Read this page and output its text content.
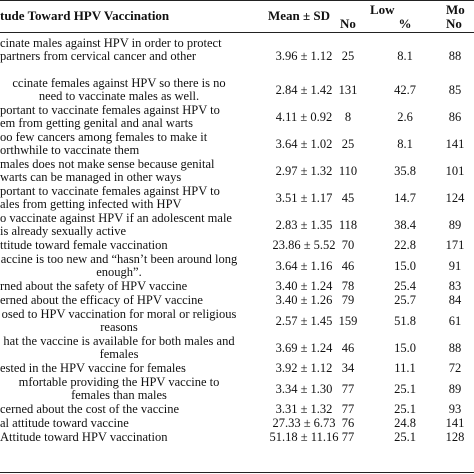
tude Toward HPV Vaccination	Mean ± SD	Low	Mo
No	%	No
cinate males against HPV in order to protect partners from cervical cancer and other	3.96 ± 1.12 25	8.1	88
ccinate females against HPV so there is no need to vaccinate males as well.	2.84 ± 1.42 131	42.7	85
portant to vaccinate females against HPV to em from getting genital and anal warts	4.11 ± 0.92	8	2.6	86
oo few cancers among females to make it orthwhile to vaccinate them	3.64 ± 1.02 25	8.1	141
males does not make sense because genital warts can be managed in other ways	2.97 ± 1.32 110	35.8	101
portant to vaccinate females against HPV to ales from getting infected with HPV	3.51 ± 1.17 45	14.7	124
o vaccinate against HPV if an adolescent male is already sexually active	2.83 ± 1.35 118	38.4	89
ttitude toward female vaccination	23.86 ± 5.52 70	22.8	171
accine is too new and “hasn’t been around long enough”.	3.64 ± 1.16 46	15.0	91
rned about the safety of HPV vaccine	3.40 ± 1.24 78	25.4	83
erned about the efficacy of HPV vaccine	3.40 ± 1.26 79	25.7	84
osed to HPV vaccination for moral or religious reasons	2.57 ± 1.45 159	51.8	61
hat the vaccine is available for both males and females	3.69 ± 1.24 46	15.0	88
ested in the HPV vaccine for females	3.92 ± 1.12 34	11.1	72
mfortable providing the HPV vaccine to females than males	3.34 ± 1.30 77	25.1	89
cerned about the cost of the vaccine	3.31 ± 1.32 77	25.1	93
al attitude toward vaccine	27.33 ± 6.73 76	24.8	141
Attitude toward HPV vaccination	51.18 ± 11.16 77	25.1	128
